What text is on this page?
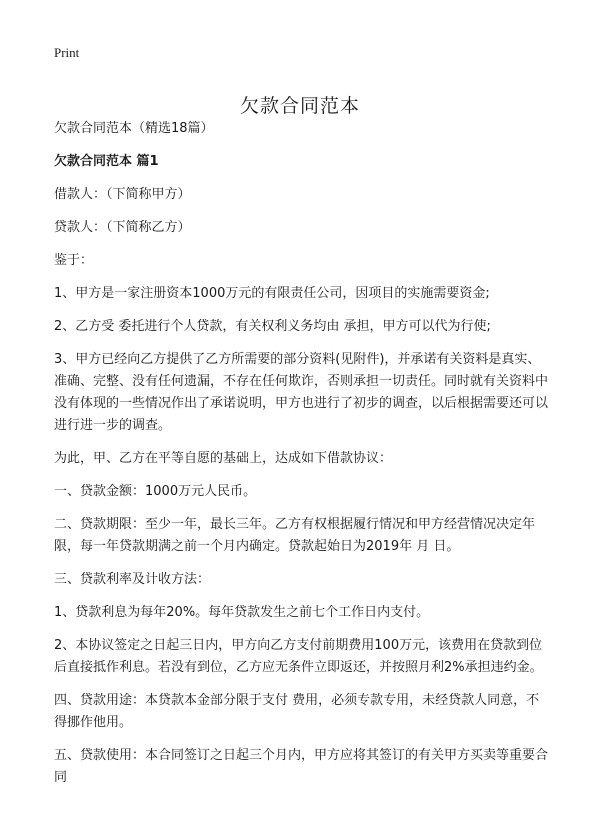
Print
欠款合同范本

欠款合同范本（精选18篇）

欠款合同范本 篇1

借款人：（下简称甲方）

贷款人：（下简称乙方）

鉴于：

1、甲方是一家注册资本1000万元的有限责任公司，因项目的实施需要资金;

2、乙方受 委托进行个人贷款，有关权利义务均由 承担，甲方可以代为行使;

3、甲方已经向乙方提供了乙方所需要的部分资料(见附件)，并承诺有关资料是真实、准确、完整、没有任何遗漏，不存在任何欺诈，否则承担一切责任。同时就有关资料中没有体现的一些情况作出了承诺说明，甲方也进行了初步的调查，以后根据需要还可以进行进一步的调查。

为此，甲、乙方在平等自愿的基础上，达成如下借款协议：

一、贷款金额：1000万元人民币。

二、贷款期限：至少一年，最长三年。乙方有权根据履行情况和甲方经营情况决定年限，每一年贷款期满之前一个月内确定。贷款起始日为2019年 月 日。

三、贷款利率及计收方法：

1、贷款利息为每年20%。每年贷款发生之前七个工作日内支付。

2、本协议签定之日起三日内，甲方向乙方支付前期费用100万元，该费用在贷款到位后直接抵作利息。若没有到位，乙方应无条件立即返还，并按照月利2%承担违约金。

四、贷款用途：本贷款本金部分限于支付 费用，必须专款专用，未经贷款人同意，不得挪作他用。

五、贷款使用：本合同签订之日起三个月内，甲方应将其签订的有关甲方买卖等重要合同
